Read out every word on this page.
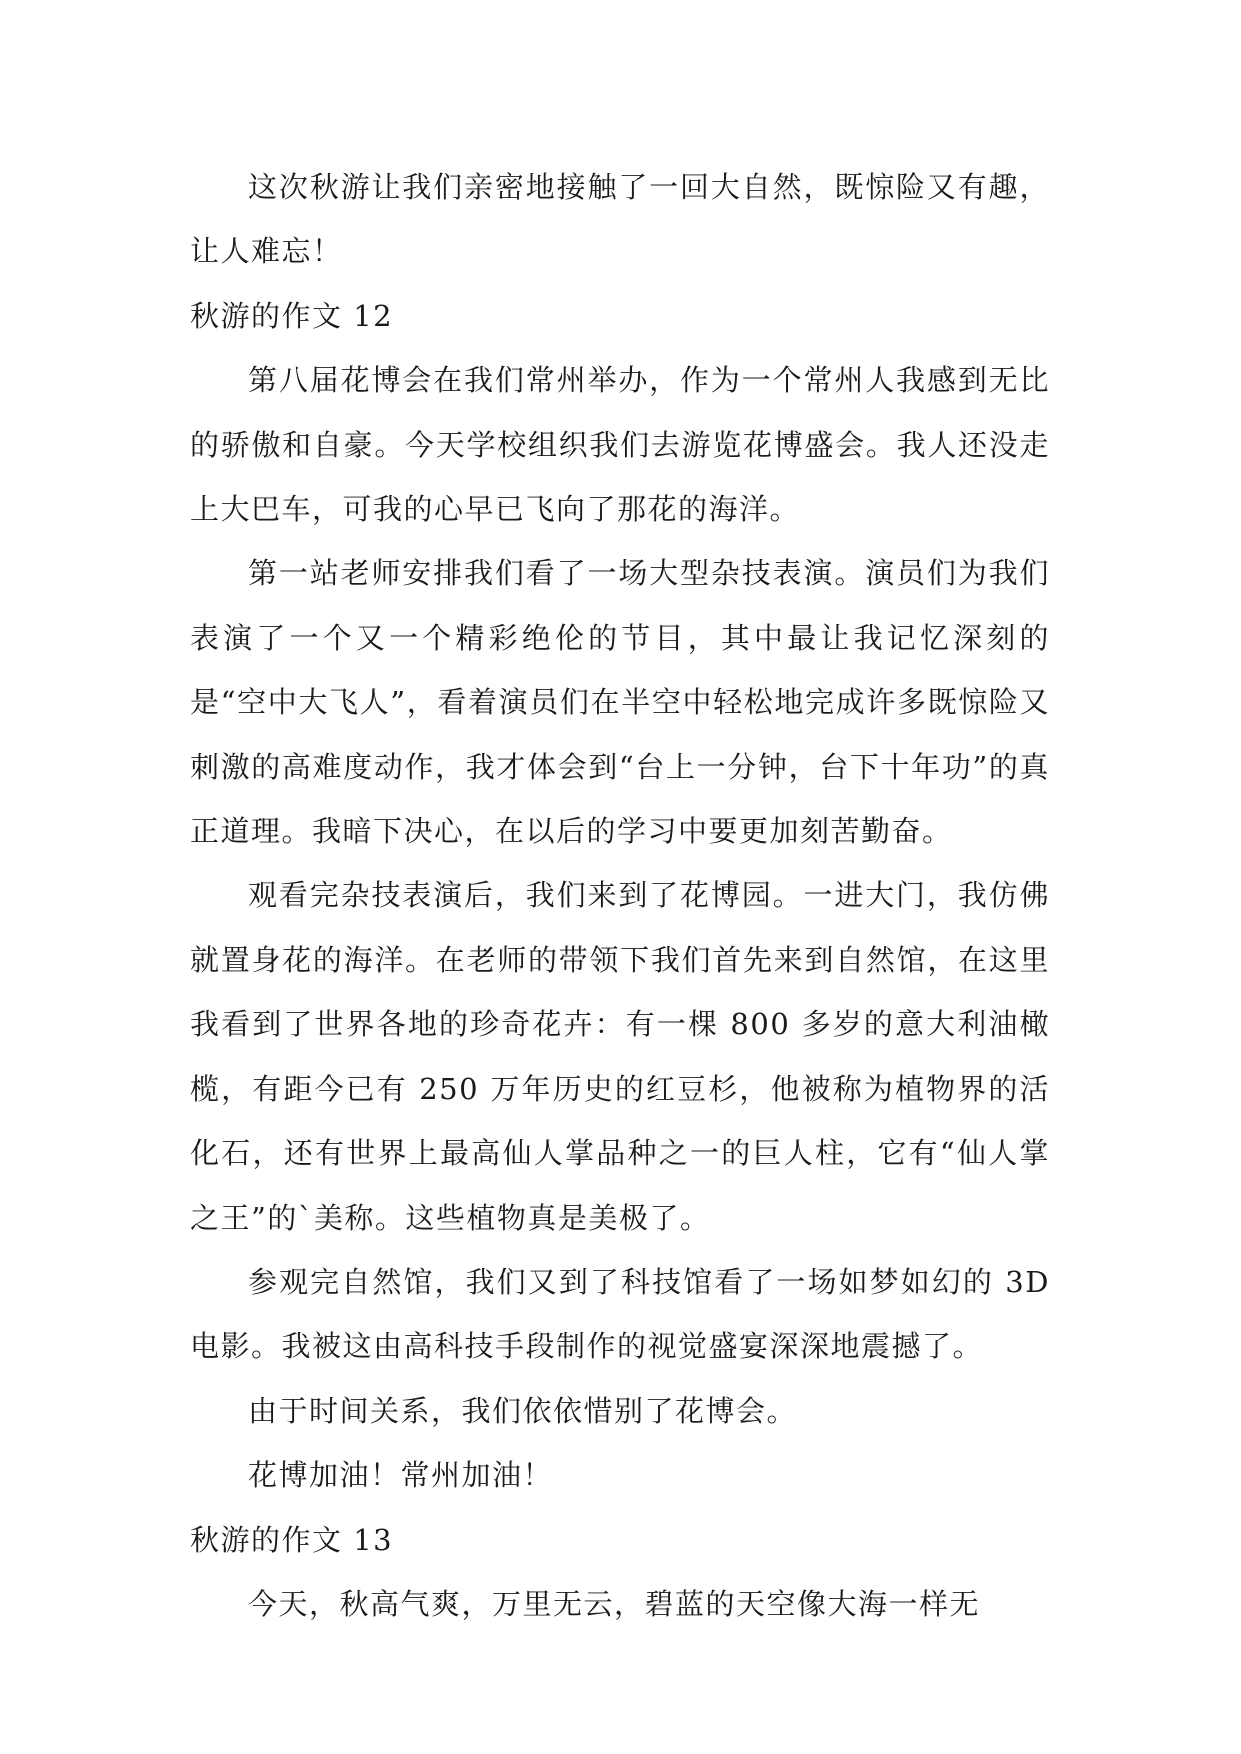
这次秋游让我们亲密地接触了一回大自然，既惊险又有趣，让人难忘！

秋游的作文 12

第八届花博会在我们常州举办，作为一个常州人我感到无比的骄傲和自豪。今天学校组织我们去游览花博盛会。我人还没走上大巴车，可我的心早已飞向了那花的海洋。

第一站老师安排我们看了一场大型杂技表演。演员们为我们表演了一个又一个精彩绝伦的节目，其中最让我记忆深刻的是“空中大飞人”，看着演员们在半空中轻松地完成许多既惊险又刺激的高难度动作，我才体会到“台上一分钟，台下十年功”的真正道理。我暗下决心，在以后的学习中要更加刻苦勤奋。

观看完杂技表演后，我们来到了花博园。一进大门，我仿佛就置身花的海洋。在老师的带领下我们首先来到自然馆，在这里我看到了世界各地的珍奇花卉：有一棵 800 多岁的意大利油橄榄，有距今已有 250 万年历史的红豆杉，他被称为植物界的活化石，还有世界上最高仙人掌品种之一的巨人柱，它有“仙人掌之王”的`美称。这些植物真是美极了。

参观完自然馆，我们又到了科技馆看了一场如梦如幻的 3D 电影。我被这由高科技手段制作的视觉盛宴深深地震撼了。

由于时间关系，我们依依惜别了花博会。

花博加油！常州加油！

秋游的作文 13

今天，秋高气爽，万里无云，碧蓝的天空像大海一样无
